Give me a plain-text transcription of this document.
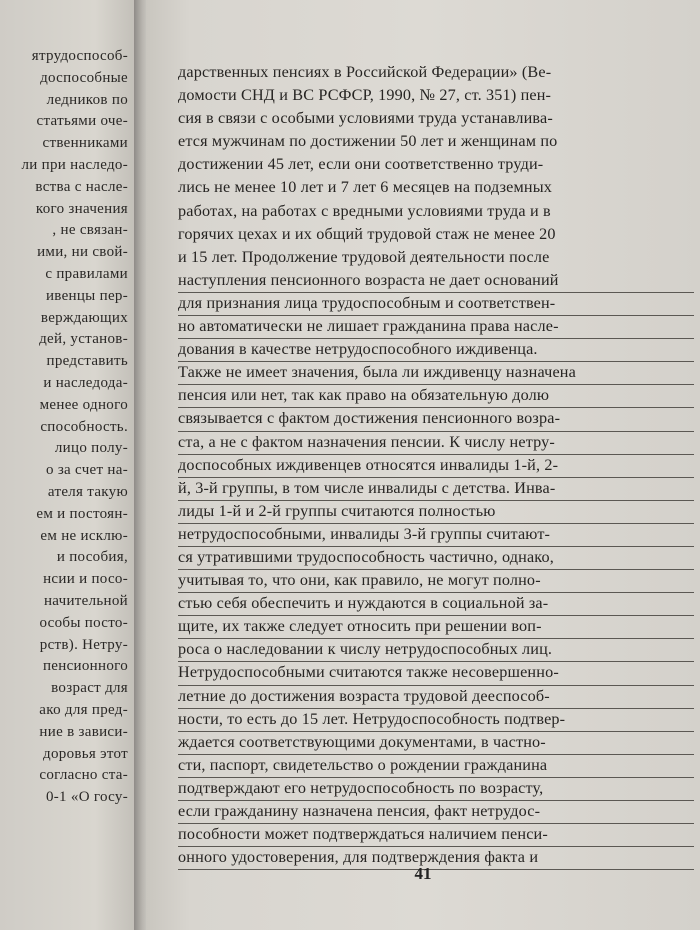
ятрудоспособ-
доспособные
ледников по
статьями оче-
ственниками
ли при наследо-
вства с насле-
кого значения
, не связан-
ими, ни свой-
с правилами
ивенцы пер-
верждающих
дей, установ-
представить
и наследода-
менее одного
способность.
лицо полу-
о за счет на-
ателя такую
ем и постоян-
ем не исклю-
и пособия,
нсии и посо-
начительной
особы посто-
рств). Нетру-
пенсионного
возраст для
ако для пред-
ние в зависи-
доровья этот
согласно ста-
0-1 «О госу-
дарственных пенсиях в Российской Федерации» (Ве-
домости СНД и ВС РСФСР, 1990, № 27, ст. 351) пен-
сия в связи с особыми условиями труда устанавлива-
ется мужчинам по достижении 50 лет и женщинам по
достижении 45 лет, если они соответственно труди-
лись не менее 10 лет и 7 лет 6 месяцев на подземных
работах, на работах с вредными условиями труда и в
горячих цехах и их общий трудовой стаж не менее 20
и 15 лет. Продолжение трудовой деятельности после
наступления пенсионного возраста не дает оснований
для признания лица трудоспособным и соответствен-
но автоматически не лишает гражданина права насле-
дования в качестве нетрудоспособного иждивенца.
Также не имеет значения, была ли иждивенцу назначена
пенсия или нет, так как право на обязательную долю
связывается с фактом достижения пенсионного возра-
ста, а не с фактом назначения пенсии. К числу нетру-
доспособных иждивенцев относятся инвалиды 1-й, 2-
й, 3-й группы, в том числе инвалиды с детства. Инва-
лиды 1-й и 2-й группы считаются полностью
нетрудоспособными, инвалиды 3-й группы считают-
ся утратившими трудоспособность частично, однако,
учитывая то, что они, как правило, не могут полно-
стью себя обеспечить и нуждаются в социальной за-
щите, их также следует относить при решении воп-
роса о наследовании к числу нетрудоспособных лиц.
Нетрудоспособными считаются также несовершенно-
летние до достижения возраста трудовой дееспособ-
ности, то есть до 15 лет. Нетрудоспособность подтвер-
ждается соответствующими документами, в частно-
сти, паспорт, свидетельство о рождении гражданина
подтверждают его нетрудоспособность по возрасту,
если гражданину назначена пенсия, факт нетрудос-
пособности может подтверждаться наличием пенси-
онного удостоверения, для подтверждения факта и
41
